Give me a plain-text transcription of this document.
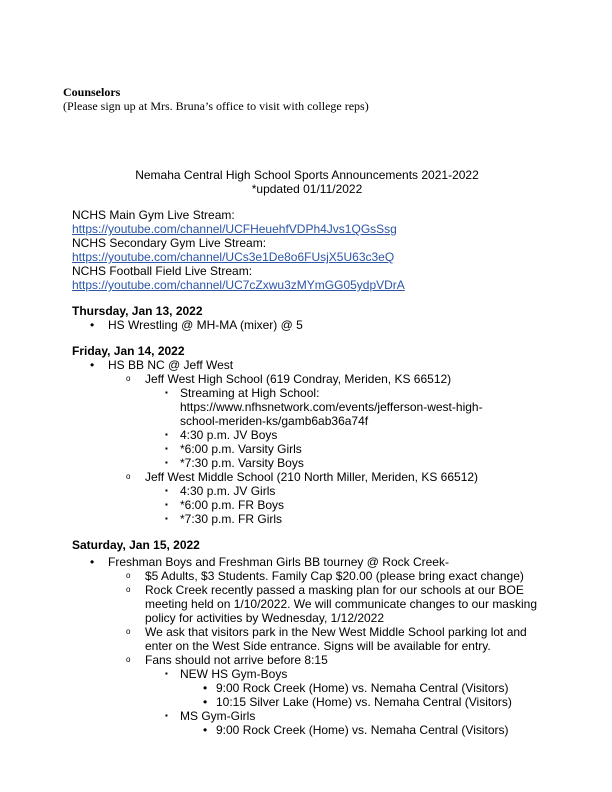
Counselors
(Please sign up at Mrs. Bruna’s office to visit with college reps)
Nemaha Central High School Sports Announcements 2021-2022
*updated 01/11/2022
NCHS Main Gym Live Stream: https://youtube.com/channel/UCFHeuehfVDPh4Jvs1QGsSsg
NCHS Secondary Gym Live Stream:
https://youtube.com/channel/UCs3e1De8o6FUsjX5U63c3eQ
NCHS Football Field Live Stream:
https://youtube.com/channel/UC7cZxwu3zMYmGG05ydpVDrA
Thursday, Jan 13, 2022
• HS Wrestling @ MH-MA (mixer) @ 5
Friday, Jan 14, 2022
• HS BB NC @ Jeff West
o Jeff West High School (619 Condray, Meriden, KS 66512)
▪ Streaming at High School: https://www.nfhsnetwork.com/events/jefferson-west-high-school-meriden-ks/gamb6ab36a74f
▪ 4:30 p.m. JV Boys
▪ *6:00 p.m. Varsity Girls
▪ *7:30 p.m. Varsity Boys
o Jeff West Middle School (210 North Miller, Meriden, KS 66512)
▪ 4:30 p.m. JV Girls
▪ *6:00 p.m. FR Boys
▪ *7:30 p.m. FR Girls
Saturday, Jan 15, 2022
• Freshman Boys and Freshman Girls BB tourney @ Rock Creek-
o $5 Adults, $3 Students. Family Cap $20.00 (please bring exact change)
o Rock Creek recently passed a masking plan for our schools at our BOE meeting held on 1/10/2022. We will communicate changes to our masking policy for activities by Wednesday, 1/12/2022
o We ask that visitors park in the New West Middle School parking lot and enter on the West Side entrance. Signs will be available for entry.
o Fans should not arrive before 8:15
▪ NEW HS Gym-Boys
• 9:00 Rock Creek (Home) vs. Nemaha Central (Visitors)
• 10:15 Silver Lake (Home) vs. Nemaha Central (Visitors)
▪ MS Gym-Girls
• 9:00 Rock Creek (Home) vs. Nemaha Central (Visitors)
